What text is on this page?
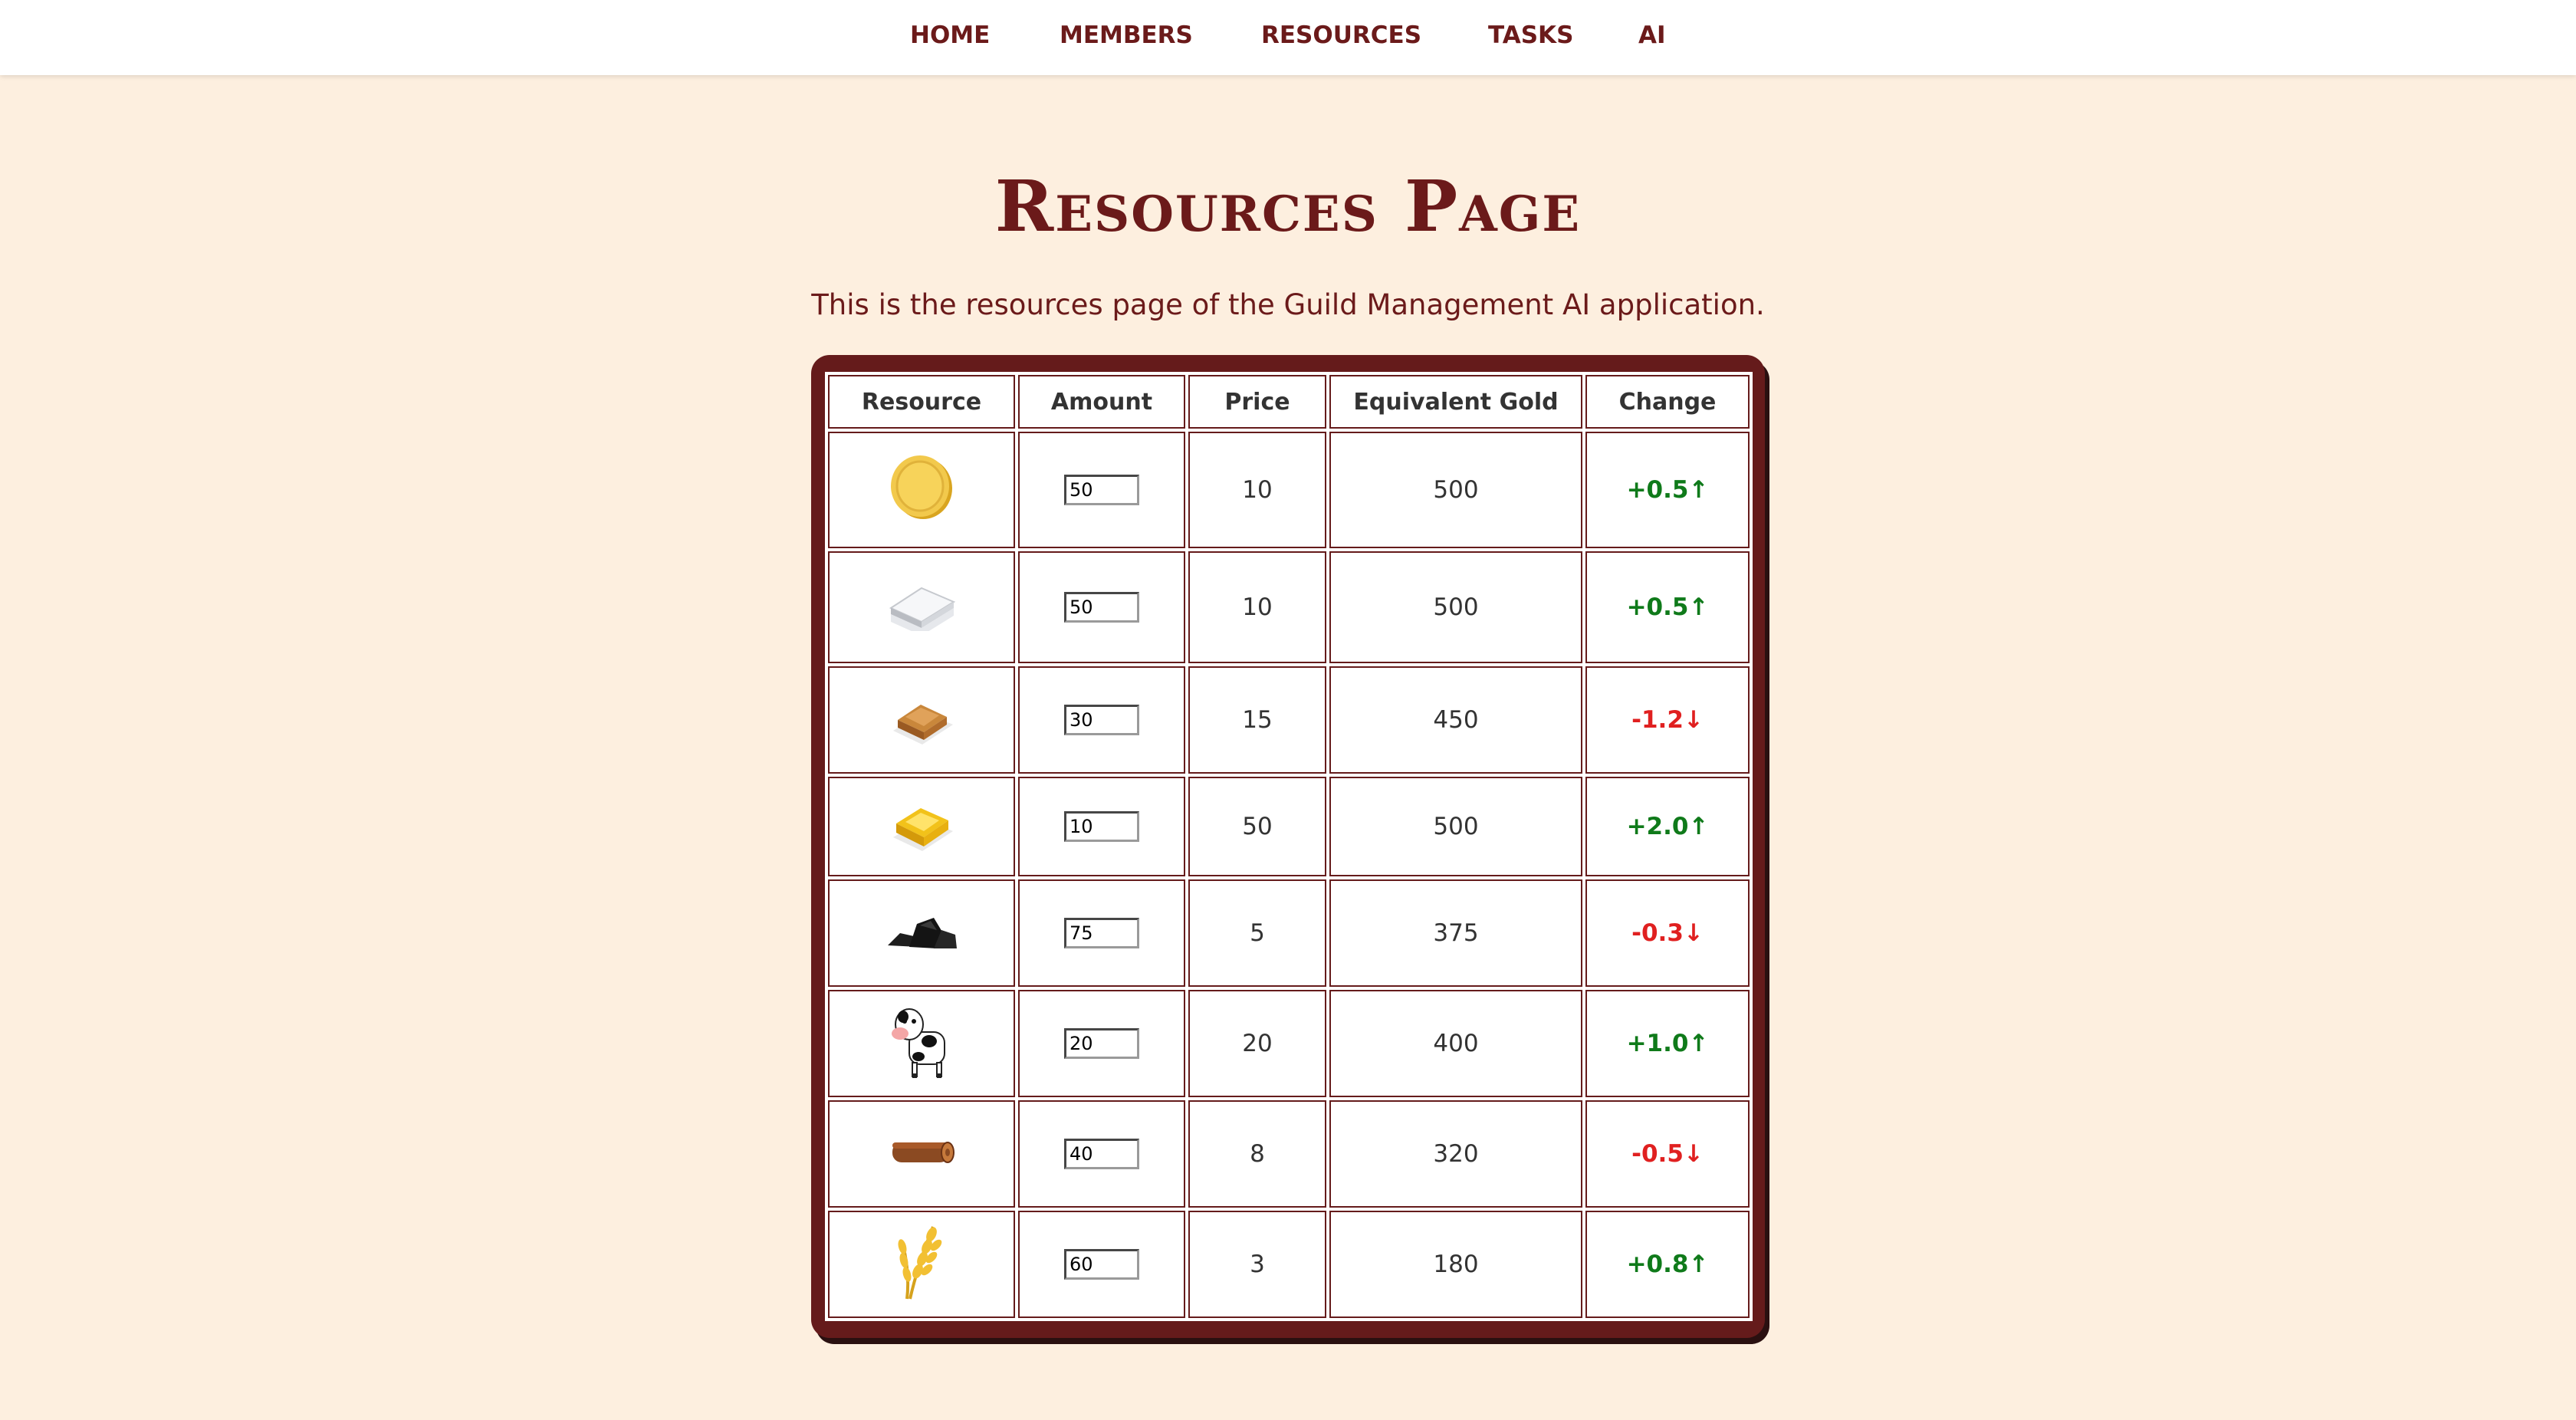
HOME	MEMBERS	RESOURCES	TASKS	AI
Resources Page
This is the resources page of the Guild Management AI application.
Resource	Amount	Price	Equivalent Gold	Change

	50	10	500	+0.5↑

	50	10	500	+0.5↑

	30	15	450	-1.2↓

	10	50	500	+2.0↑

	75	5	375	-0.3↓

	20	20	400	+1.0↑

	40	8	320	-0.5↓

	60	3	180	+0.8↑
